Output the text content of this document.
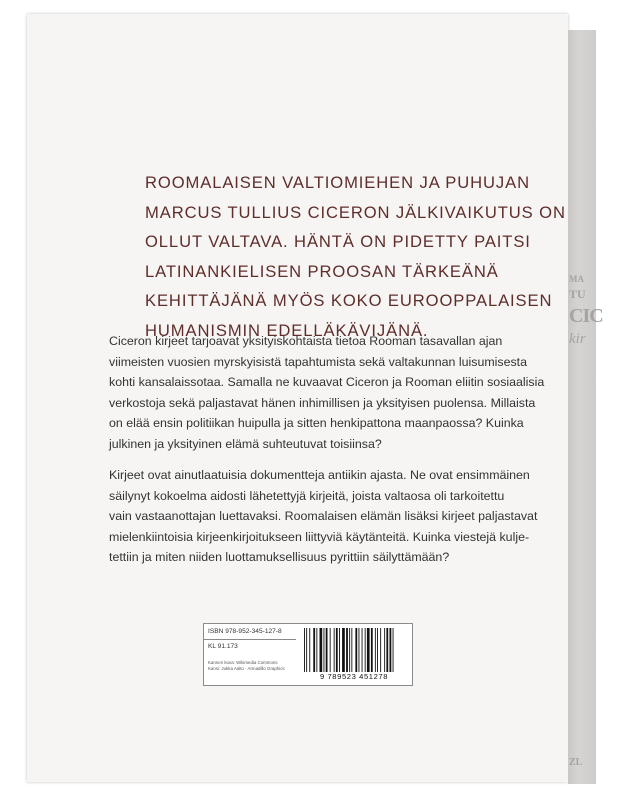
ROOMALAISEN VALTIOMIEHEN JA PUHUJAN
MARCUS TULLIUS CICERON JÄLKIVAIKUTUS ON
OLLUT VALTAVA. HÄNTÄ ON PIDETTY PAITSI
LATINANKIELISEN PROOSAN TÄRKEÄNÄ
KEHITTÄJÄNÄ MYÖS KOKO EUROOPPALAISEN
HUMANISMIN EDELLÄKÄVIJÄNÄ.
Ciceron kirjeet tarjoavat yksityiskohtaista tietoa Rooman tasavallan ajan
viimeisten vuosien myrskyisistä tapahtumista sekä valtakunnan luisumisesta
kohti kansalaissotaa. Samalla ne kuvaavat Ciceron ja Rooman eliitin sosiaalisia
verkostoja sekä paljastavat hänen inhimillisen ja yksityisen puolensa. Millaista
on elää ensin politiikan huipulla ja sitten henkipattona maanpaossa? Kuinka
julkinen ja yksityinen elämä suhteutuvat toisiinsa?
Kirjeet ovat ainutlaatuisia dokumentteja antiikin ajasta. Ne ovat ensimmäinen
säilynyt kokoelma aidosti lähetettyjä kirjeitä, joista valtaosa oli tarkoitettu
vain vastaanottajan luettavaksi. Roomalaisen elämän lisäksi kirjeet paljastavat
mielenkiintoisia kirjeenkirjoitukseen liittyviä käytänteitä. Kuinka viestejä kulje-
tettiin ja miten niiden luottamuksellisuus pyrittiin säilyttämään?
ISBN 978-952-345-127-8
KL 91.173
Kannen kuva: Wikimedia Commons
Kansi: Jukka Aalto · Armadillo Graphics
9 789523 451278
MA
TU
CIC
kir
ZL
